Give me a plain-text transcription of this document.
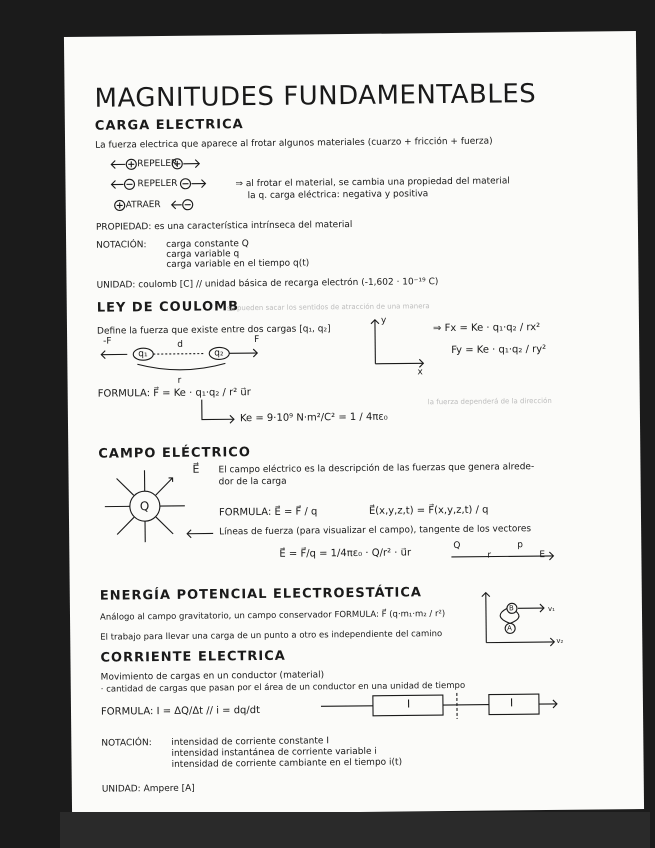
MAGNITUDES FUNDAMENTABLES
CARGA ELECTRICA
La fuerza electrica que aparece al frotar algunos materiales (cuarzo + fricción + fuerza)
REPELER
REPELER
ATRAER
⇒ al frotar el material, se cambia una propiedad del material
la q. carga eléctrica: negativa y positiva
PROPIEDAD: es una característica intrínseca del material
NOTACIÓN: carga constante Q
carga variable q
carga variable en el tiempo q(t)
UNIDAD: coulomb [C] // unidad básica de recarga electrón (-1,602 · 10⁻¹⁹ C)
LEY DE COULOMB
se pueden sacar los sentidos de atracción de una manera
Define la fuerza que existe entre dos cargas [q₁, q₂]
-F	F
q₁	q₂
d
r
y
x
⇒ Fx = Ke · q₁·q₂ / rx²
Fy = Ke · q₁·q₂ / ry²
FORMULA: F⃗ = Ke · q₁·q₂ / r² u⃗r
Ke = 9·10⁹ N·m²/C² = 1 / 4πε₀
la fuerza dependerá de la dirección
CAMPO ELÉCTRICO
Q
E⃗ El campo eléctrico es la descripción de las fuerzas que genera alrede-
dor de la carga
FORMULA: E⃗ = F⃗ / q	E⃗(x,y,z,t) = F⃗(x,y,z,t) / q
Líneas de fuerza (para visualizar el campo), tangente de los vectores
E⃗ = F⃗/q = 1/4πε₀ · Q/r² · u⃗r
Q
r
p
E
ENERGÍA POTENCIAL ELECTROESTÁTICA
Análogo al campo gravitatorio, un campo conservador FORMULA: F⃗ (q·m₁·m₂ / r²)
El trabajo para llevar una carga de un punto a otro es independiente del camino
B
A
v₁
v₂
CORRIENTE ELECTRICA
Movimiento de cargas en un conductor (material)
· cantidad de cargas que pasan por el área de un conductor en una unidad de tiempo
FORMULA: I = ΔQ/Δt // i = dq/dt
I	I
NOTACIÓN: intensidad de corriente constante I
intensidad instantánea de corriente variable i
intensidad de corriente cambiante en el tiempo i(t)
UNIDAD: Ampere [A]
